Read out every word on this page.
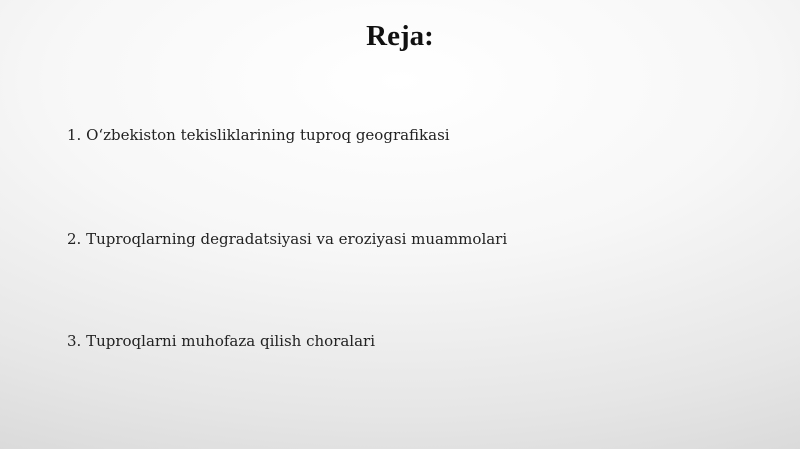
Reja:
1. O‘zbekiston tekisliklarining tuproq geografikasi
2. Tuproqlarning degradatsiyasi va eroziyasi muammolari
3. Tuproqlarni muhofaza qilish choralari
